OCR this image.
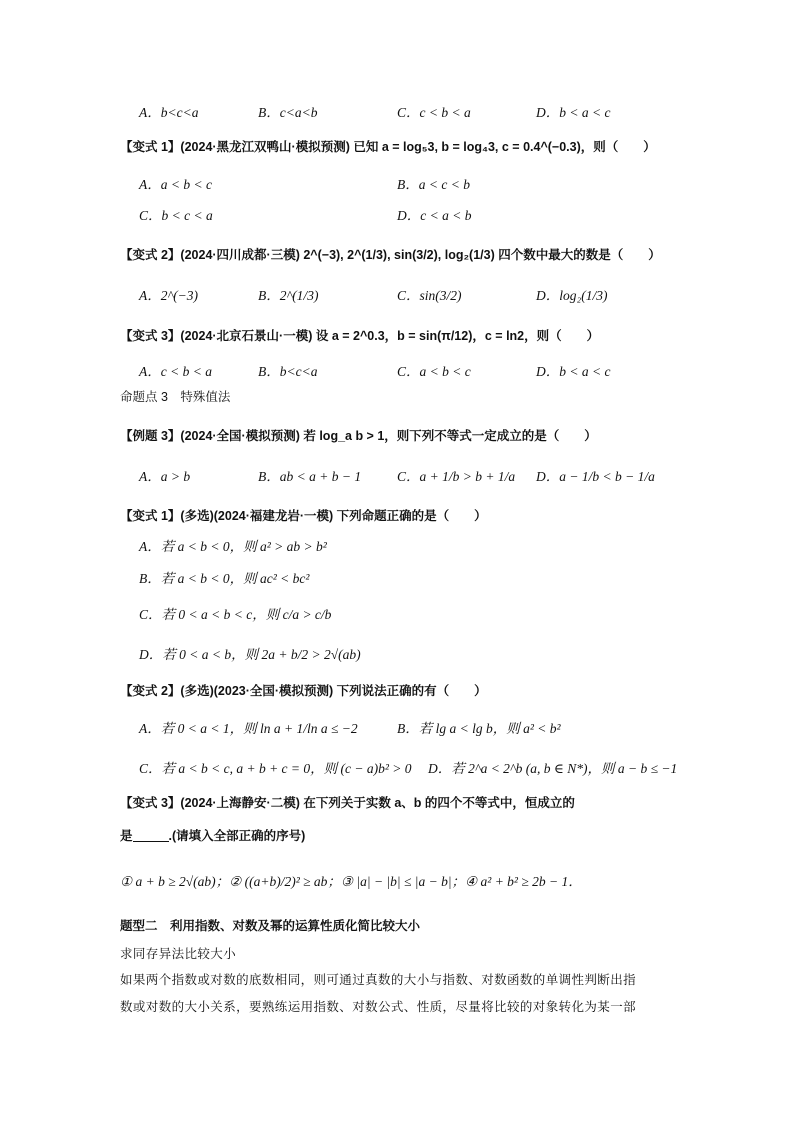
A．b<c<a	B．c<a<b	C．c < b < a	D．b < a < c
【变式 1】(2024·黑龙江双鸭山·模拟预测) 已知 a = log₅3, b = log₄3, c = 0.4^(−0.3)，则（　　）
A．a < b < c	B．a < c < b
C．b < c < a	D．c < a < b
【变式 2】(2024·四川成都·三模) 2^(−3), 2^(1/3), sin(3/2), log₂(1/3) 四个数中最大的数是（　　）
A．2^(−3)	B．2^(1/3)	C．sin(3/2)	D．log₂(1/3)
【变式 3】(2024·北京石景山·一模) 设 a = 2^0.3，b = sin(π/12)，c = ln2，则（　　）
A．c < b < a	B．b<c<a	C．a < b < c	D．b < a < c
命题点 3　特殊值法
【例题 3】(2024·全国·模拟预测) 若 log_a b > 1，则下列不等式一定成立的是（　　）
A．a > b	B．ab < a + b − 1	C．a + 1/b > b + 1/a D．a − 1/b < b − 1/a
【变式 1】(多选)(2024·福建龙岩·一模) 下列命题正确的是（　　）
A．若 a < b < 0，则 a² > ab > b²
B．若 a < b < 0，则 ac² < bc²
C．若 0 < a < b < c，则 c/a > c/b
D．若 0 < a < b，则 2a + b/2 > 2√(ab)
【变式 2】(多选)(2023·全国·模拟预测) 下列说法正确的有（　　）
A．若 0 < a < 1，则 ln a + 1/ln a ≤ −2	B．若 lg a < lg b，则 a² < b²
C．若 a < b < c, a + b + c = 0，则 (c − a)b² > 0 D．若 2^a < 2^b (a, b ∈ N*)，则 a − b ≤ −1
【变式 3】(2024·上海静安·二模) 在下列关于实数 a、b 的四个不等式中，恒成立的
是	.(请填入全部正确的序号)
① a + b ≥ 2√(ab)；② ((a+b)/2)² ≥ ab；③ |a| − |b| ≤ |a − b|；④ a² + b² ≥ 2b − 1．
题型二　利用指数、对数及幂的运算性质化简比较大小
求同存异法比较大小
如果两个指数或对数的底数相同，则可通过真数的大小与指数、对数函数的单调性判断出指
数或对数的大小关系，要熟练运用指数、对数公式、性质，尽量将比较的对象转化为某一部
